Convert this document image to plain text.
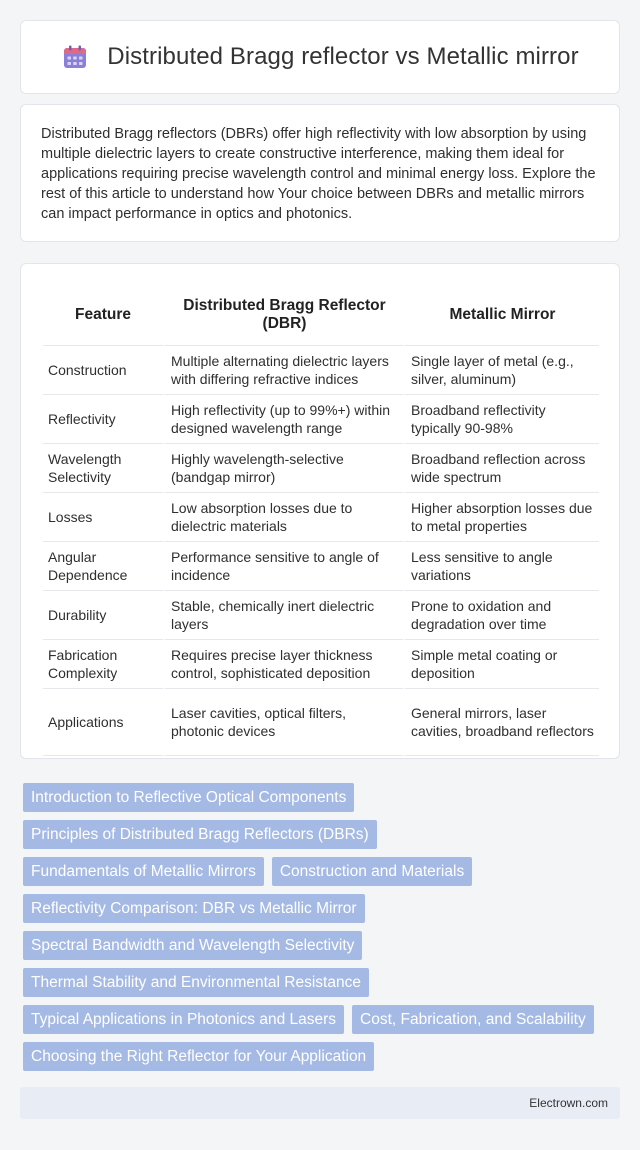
Distributed Bragg reflector vs Metallic mirror

Distributed Bragg reflectors (DBRs) offer high reflectivity with low absorption by using multiple dielectric layers to create constructive interference, making them ideal for applications requiring precise wavelength control and minimal energy loss. Explore the rest of this article to understand how Your choice between DBRs and metallic mirrors can impact performance in optics and photonics.

Feature	Distributed Bragg Reflector (DBR)	Metallic Mirror
Construction	Multiple alternating dielectric layers with differing refractive indices	Single layer of metal (e.g., silver, aluminum)
Reflectivity	High reflectivity (up to 99%+) within designed wavelength range	Broadband reflectivity typically 90-98%
Wavelength Selectivity	Highly wavelength-selective (bandgap mirror)	Broadband reflection across wide spectrum
Losses	Low absorption losses due to dielectric materials	Higher absorption losses due to metal properties
Angular Dependence	Performance sensitive to angle of incidence	Less sensitive to angle variations
Durability	Stable, chemically inert dielectric layers	Prone to oxidation and degradation over time
Fabrication Complexity	Requires precise layer thickness control, sophisticated deposition	Simple metal coating or deposition
Applications	Laser cavities, optical filters, photonic devices	General mirrors, laser cavities, broadband reflectors
Introduction to Reflective Optical Components
Principles of Distributed Bragg Reflectors (DBRs)
Fundamentals of Metallic Mirrors	Construction and Materials
Reflectivity Comparison: DBR vs Metallic Mirror
Spectral Bandwidth and Wavelength Selectivity
Thermal Stability and Environmental Resistance
Typical Applications in Photonics and Lasers	Cost, Fabrication, and Scalability
Choosing the Right Reflector for Your Application
Electrown.com
